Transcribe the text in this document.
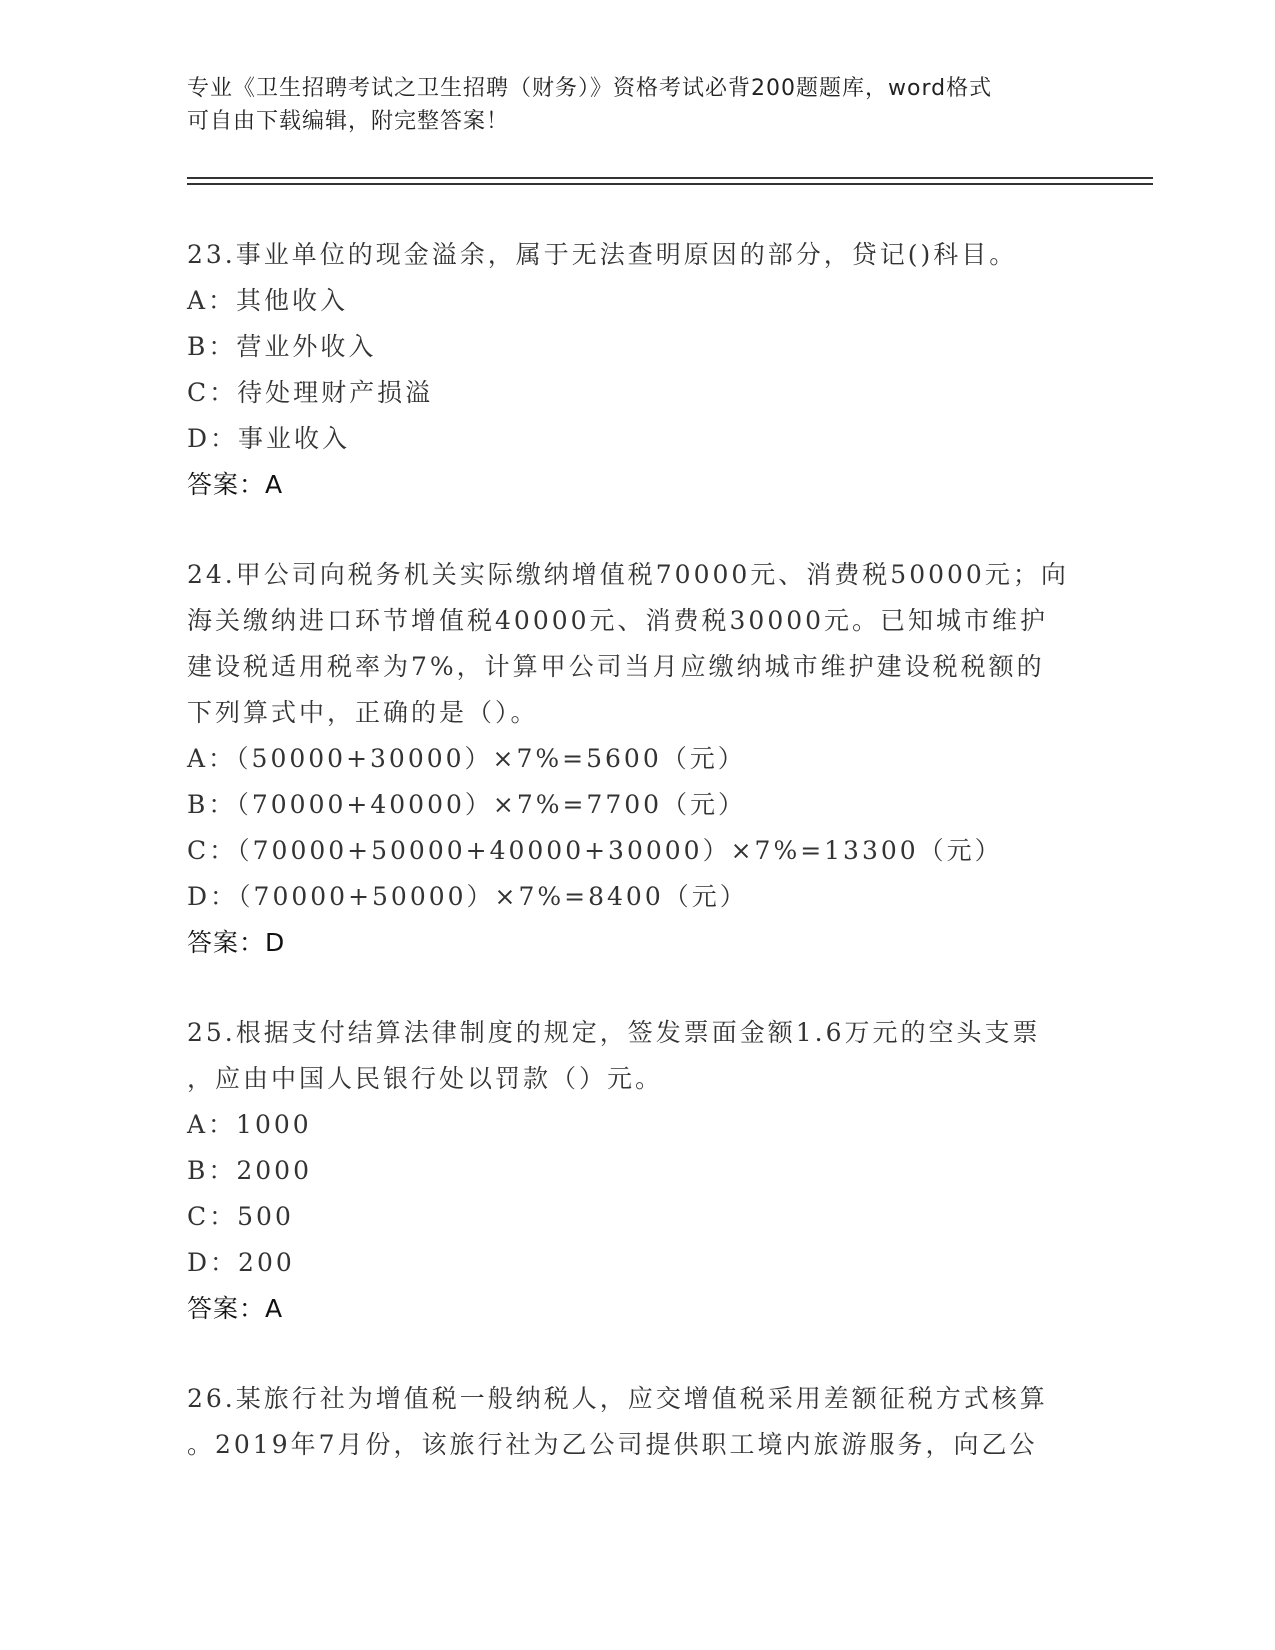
专业《卫生招聘考试之卫生招聘（财务）》资格考试必背200题题库，word格式
可自由下载编辑，附完整答案！

23.事业单位的现金溢余，属于无法查明原因的部分，贷记()科目。

A：其他收入

B：营业外收入

C：待处理财产损溢

D：事业收入

答案：A

24.甲公司向税务机关实际缴纳增值税70000元、消费税50000元；向

海关缴纳进口环节增值税40000元、消费税30000元。已知城市维护

建设税适用税率为7%，计算甲公司当月应缴纳城市维护建设税税额的

下列算式中，正确的是（）。

A：（50000+30000）×7%=5600（元）

B：（70000+40000）×7%=7700（元）

C：（70000+50000+40000+30000）×7%=13300（元）

D：（70000+50000）×7%=8400（元）

答案：D

25.根据支付结算法律制度的规定，签发票面金额1.6万元的空头支票

，应由中国人民银行处以罚款（）元。

A：1000

B：2000

C：500

D：200

答案：A

26.某旅行社为增值税一般纳税人，应交增值税采用差额征税方式核算

。2019年7月份，该旅行社为乙公司提供职工境内旅游服务，向乙公
